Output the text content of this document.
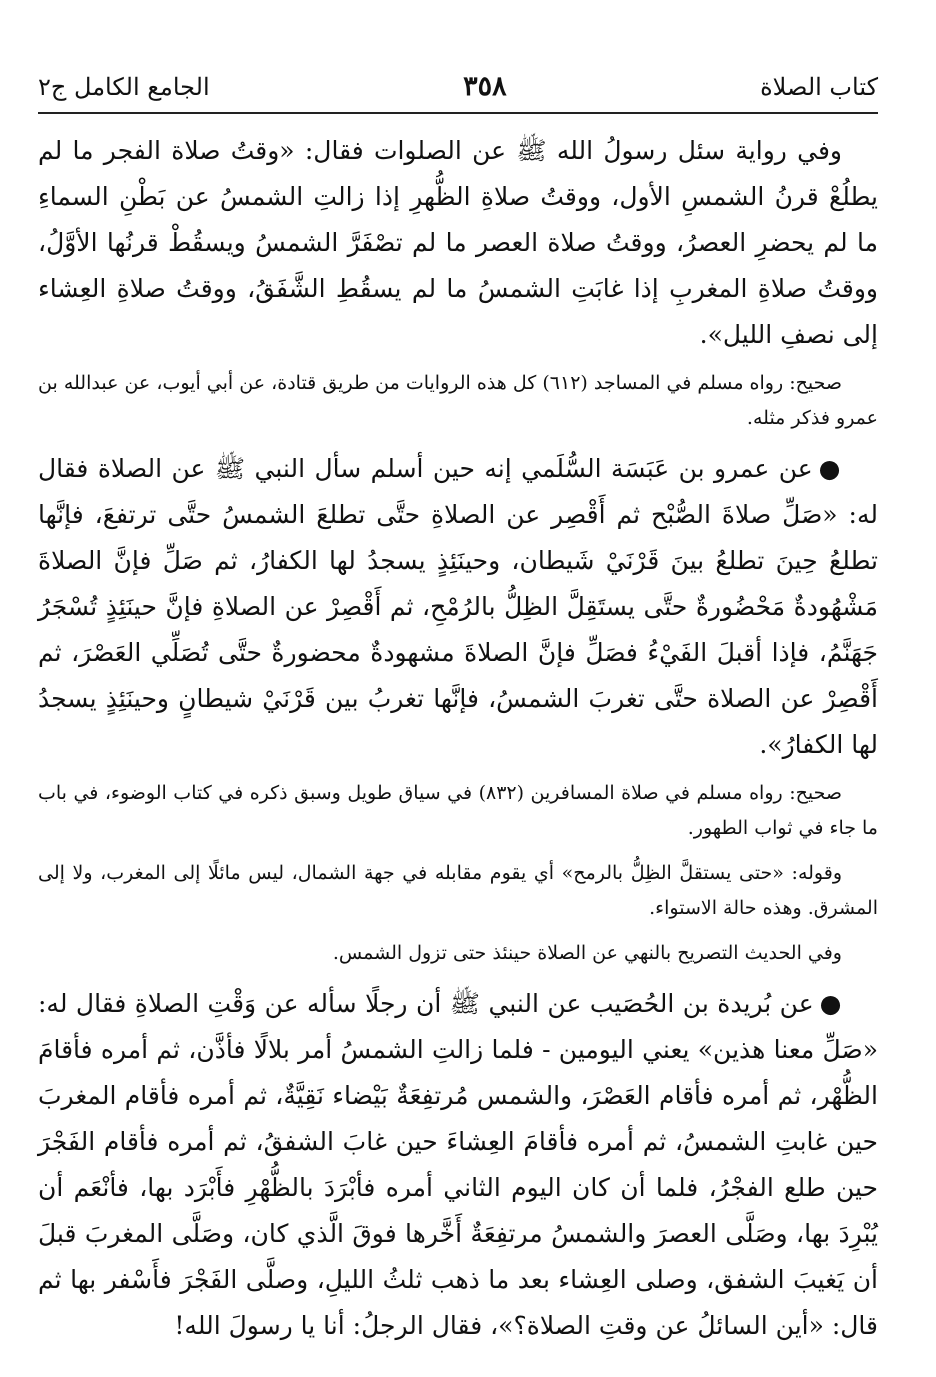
كتاب الصلاة
٣٥٨
الجامع الكامل ج٢

وفي رواية سئل رسولُ الله ﷺ عن الصلوات فقال: «وقتُ صلاة الفجر ما لم يطلُعْ قرنُ الشمسِ الأول، ووقتُ صلاةِ الظُّهرِ إذا زالتِ الشمسُ عن بَطْنِ السماءِ ما لم يحضرِ العصرُ، ووقتُ صلاة العصر ما لم تصْفَرَّ الشمسُ ويسقُطْ قرنُها الأوَّلُ، ووقتُ صلاةِ المغربِ إذا غابَتِ الشمسُ ما لم يسقُطِ الشَّفَقُ، ووقتُ صلاةِ العِشاء إلى نصفِ الليل».

صحيح: رواه مسلم في المساجد (٦١٢) كل هذه الروايات من طريق قتادة، عن أبي أيوب، عن عبدالله بن عمرو فذكر مثله.

●عن عمرو بن عَبَسَة السُّلَمي إنه حين أسلم سأل النبي ﷺ عن الصلاة فقال له: «صَلِّ صلاةَ الصُّبْح ثم أَقْصِر عن الصلاةِ حتَّى تطلعَ الشمسُ حتَّى ترتفعَ، فإنَّها تطلعُ حِينَ تطلعُ بينَ قَرْنَيْ شَيطان، وحينَئِذٍ يسجدُ لها الكفارُ، ثم صَلِّ فإنَّ الصلاةَ مَشْهُودةٌ مَحْضُورةٌ حتَّى يستَقِلَّ الظِلُّ بالرُمْحِ، ثم أَقْصِرْ عن الصلاةِ فإنَّ حينَئِذٍ تُسْجَرُ جَهَنَّمُ، فإذا أقبلَ الفَيْءُ فصَلِّ فإنَّ الصلاةَ مشهودةٌ محضورةٌ حتَّى تُصَلِّي العَصْرَ، ثم أَقْصِرْ عن الصلاة حتَّى تغربَ الشمسُ، فإنَّها تغربُ بين قَرْنَيْ شيطانٍ وحينَئِذٍ يسجدُ لها الكفارُ».

صحيح: رواه مسلم في صلاة المسافرين (٨٣٢) في سياق طويل وسبق ذكره في كتاب الوضوء، في باب ما جاء في ثواب الطهور.

وقوله: «حتى يستقلَّ الظِلُّ بالرمح» أي يقوم مقابله في جهة الشمال، ليس مائلًا إلى المغرب، ولا إلى المشرق. وهذه حالة الاستواء.

وفي الحديث التصريح بالنهي عن الصلاة حينئذ حتى تزول الشمس.

●عن بُريدة بن الحُصَيب عن النبي ﷺ أن رجلًا سأله عن وَقْتِ الصلاةِ فقال له: «صَلِّ معنا هذين» يعني اليومين - فلما زالتِ الشمسُ أمر بلالًا فأذَّن، ثم أمره فأقامَ الظُّهْر، ثم أمره فأقام العَصْرَ، والشمس مُرتفِعَةٌ بَيْضاء نَقِيَّةٌ، ثم أمره فأقام المغربَ حين غابتِ الشمسُ، ثم أمره فأقامَ العِشاءَ حين غابَ الشفقُ، ثم أمره فأقام الفَجْرَ حين طلع الفجْرُ، فلما أن كان اليوم الثاني أمره فأبْرَدَ بالظُّهْرِ فأَبْرَد بها، فأنْعَم أن يُبْرِدَ بها، وصَلَّى العصرَ والشمسُ مرتفِعَةٌ أَخَّرها فوقَ الَّذي كان، وصَلَّى المغربَ قبلَ أن يَغيبَ الشفق، وصلى العِشاء بعد ما ذهب ثلثُ الليلِ، وصلَّى الفَجْرَ فأَسْفر بها ثم قال: «أين السائلُ عن وقتِ الصلاة؟»، فقال الرجلُ: أنا يا رسولَ الله!
